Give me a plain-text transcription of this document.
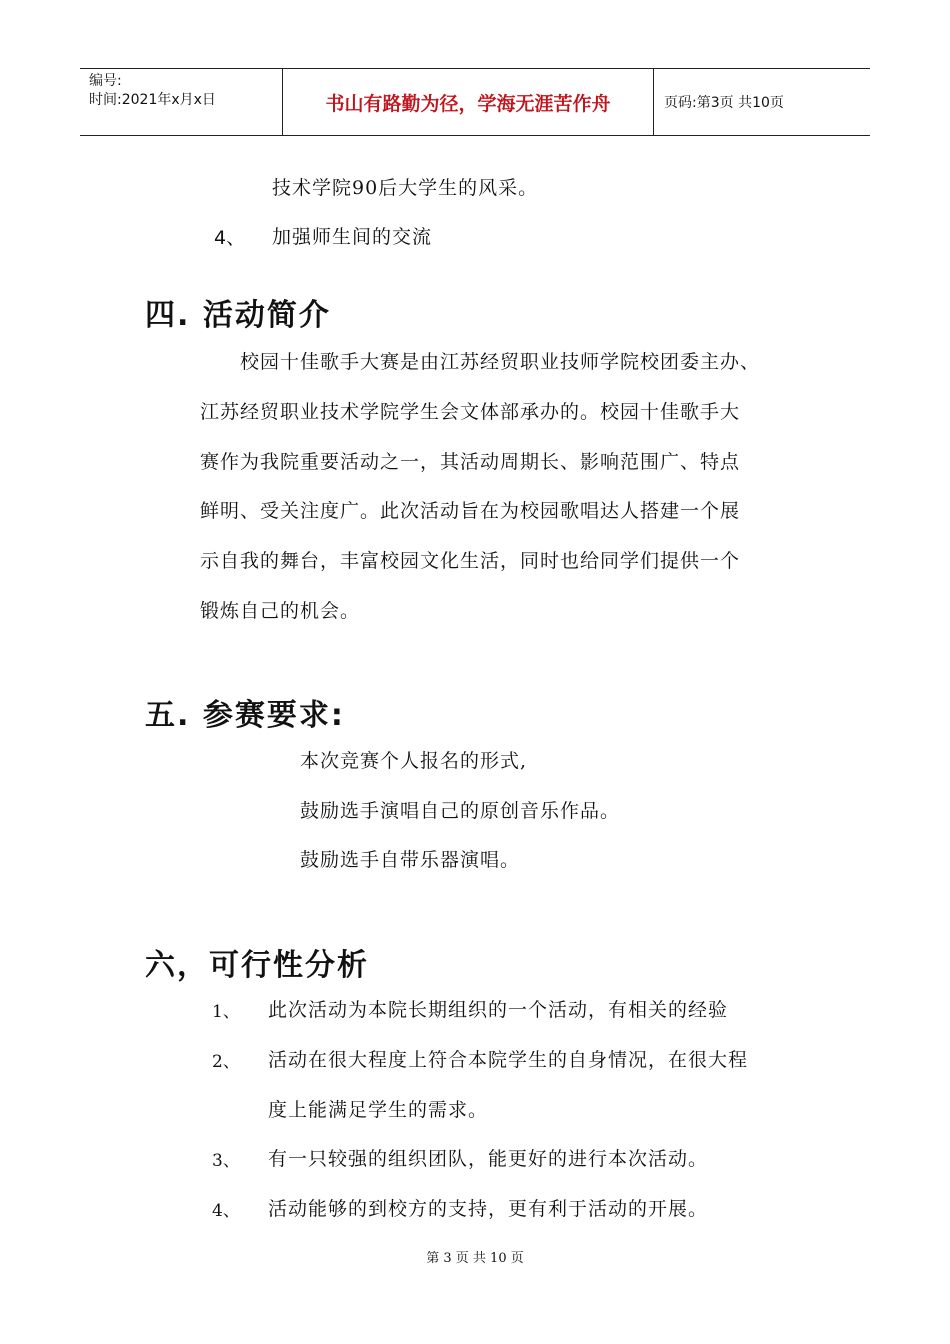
编号:
时间:2021年x月x日	书山有路勤为径，学海无涯苦作舟	页码:第3页 共10页
技术学院90后大学生的风采。
4、 加强师生间的交流
四. 活动简介
校园十佳歌手大赛是由江苏经贸职业技师学院校团委主办、
江苏经贸职业技术学院学生会文体部承办的。校园十佳歌手大
赛作为我院重要活动之一，其活动周期长、影响范围广、特点
鲜明、受关注度广。此次活动旨在为校园歌唱达人搭建一个展
示自我的舞台，丰富校园文化生活，同时也给同学们提供一个
锻炼自己的机会。
五. 参赛要求:
本次竞赛个人报名的形式,
鼓励选手演唱自己的原创音乐作品。
鼓励选手自带乐器演唱。
六，可行性分析
1、 此次活动为本院长期组织的一个活动，有相关的经验
2、 活动在很大程度上符合本院学生的自身情况，在很大程
度上能满足学生的需求。
3、 有一只较强的组织团队，能更好的进行本次活动。
4、 活动能够的到校方的支持，更有利于活动的开展。
第 3 页 共 10 页
